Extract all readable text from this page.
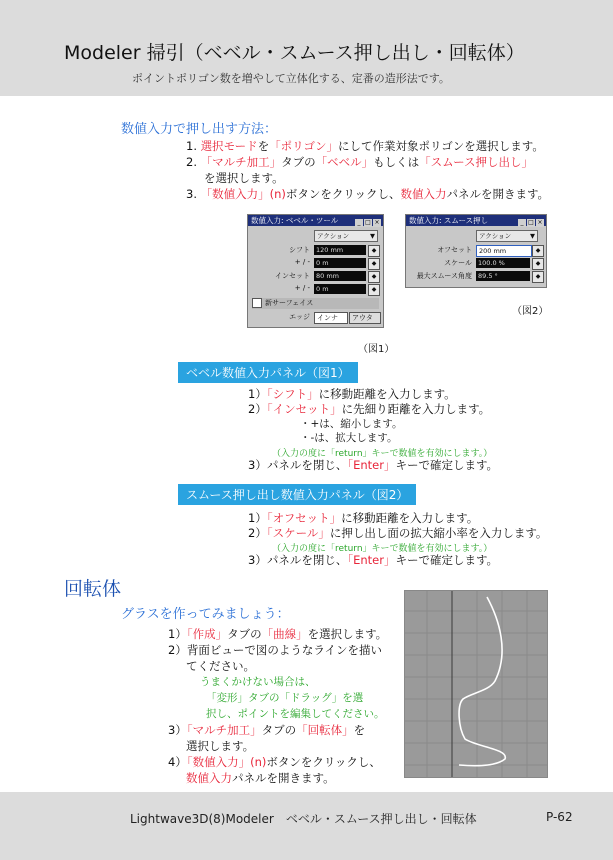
Modeler 掃引（ベベル・スムース押し出し・回転体）
ポイントポリゴン数を増やして立体化する、定番の造形法です。
数値入力で押し出す方法：
1. 選択モードを「ポリゴン」にして作業対象ポリゴンを選択します。
2. 「マルチ加工」タブの「ベベル」もしくは「スムース押し出し」
を選択します。
3. 「数値入力」(n)ボタンをクリックし、数値入力パネルを開きます。
数値入力: ベベル・ツール	_ □ ×
アクション	▼
シフト 120 mm	◆
+ / - 0 m	◆
インセット 80 mm	◆
+ / - 0 m	◆
新サーフェイス
エッジ	インナ	アウタ
（図1）
数値入力: スムース押し	_ □ ×
アクション	▼
オフセット	200 mm	◆
スケール 100.0 %	◆
最大スムース角度 89.5 °	◆
（図2）
ベベル数値入力パネル（図1）
1）「シフト」に移動距離を入力します。
2）「インセット」に先細り距離を入力します。
・+は、縮小します。
・-は、拡大します。
（入力の度に「return」キーで数値を有効にします。）
3）パネルを閉じ、「Enter」キーで確定します。
スムース押し出し数値入力パネル（図2）
1）「オフセット」に移動距離を入力します。
2）「スケール」に押し出し面の拡大縮小率を入力します。
（入力の度に「return」キーで数値を有効にします。）
3）パネルを閉じ、「Enter」キーで確定します。
回転体
グラスを作ってみましょう：
1）「作成」タブの「曲線」を選択します。
2）背面ビューで図のようなラインを描い
てください。
うまくかけない場合は、
「変形」タブの「ドラッグ」を選
択し、ポイントを編集してください。
3）「マルチ加工」タブの「回転体」を
選択します。
4）「数値入力」(n)ボタンをクリックし、
数値入力パネルを開きます。
Lightwave3D(8)Modeler　ベベル・スムース押し出し・回転体	P-62
